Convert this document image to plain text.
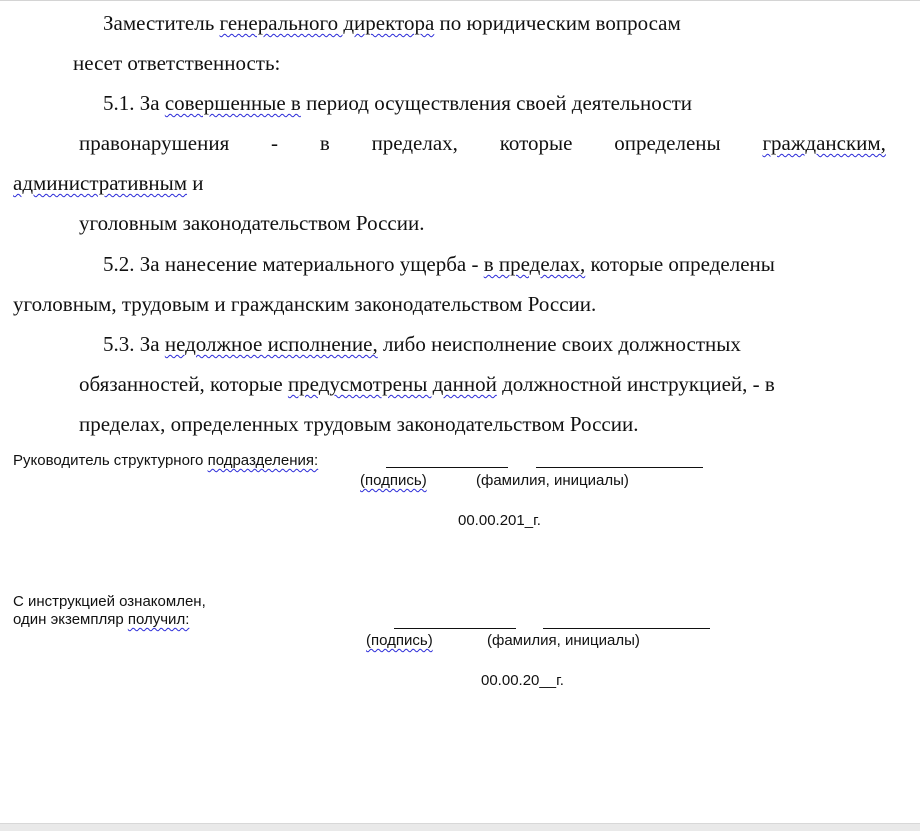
Заместитель генерального директора по юридическим вопросам
несет ответственность:
5.1. За совершенные в период осуществления своей деятельности
правонарушения - в пределах, которые определены гражданским,
административным и
уголовным законодательством России.
5.2. За нанесение материального ущерба - в пределах, которые определены
уголовным, трудовым и гражданским законодательством России.
5.3. За недолжное исполнение, либо неисполнение своих должностных
обязанностей, которые предусмотрены данной должностной инструкцией, - в
пределах, определенных трудовым законодательством России.
Руководитель структурного подразделения:
(подпись)	(фамилия, инициалы)
00.00.201_г.
С инструкцией ознакомлен,
один экземпляр получил:
(подпись)	(фамилия, инициалы)
00.00.20__г.
